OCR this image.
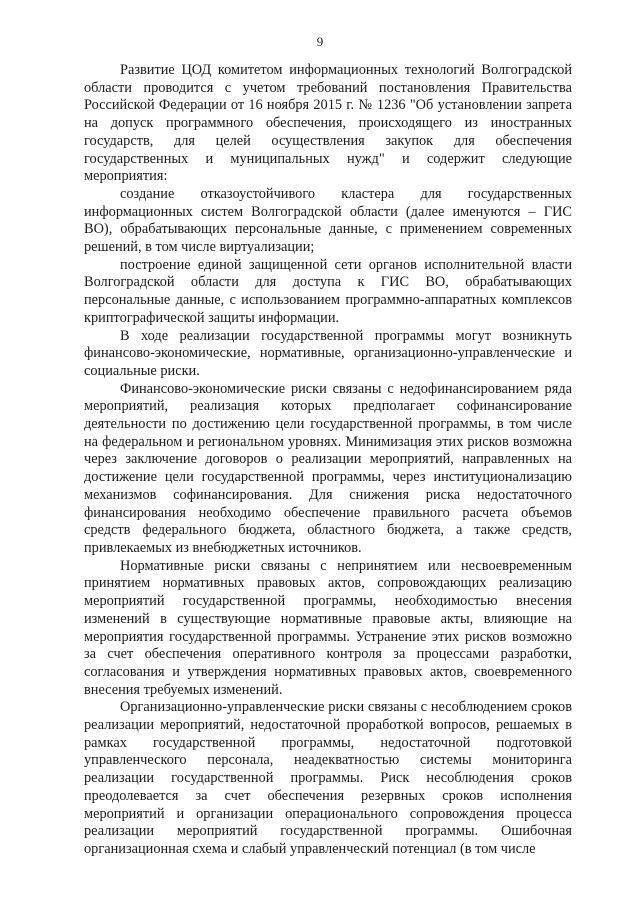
9

Развитие ЦОД комитетом информационных технологий Волгоградской области проводится с учетом требований постановления Правительства Российской Федерации от 16 ноября 2015 г. № 1236 "Об установлении запрета на допуск программного обеспечения, происходящего из иностранных государств, для целей осуществления закупок для обеспечения государственных и муниципальных нужд" и содержит следующие мероприятия:

создание отказоустойчивого кластера для государственных информационных систем Волгоградской области (далее именуются – ГИС ВО), обрабатывающих персональные данные, с применением современных решений, в том числе виртуализации;

построение единой защищенной сети органов исполнительной власти Волгоградской области для доступа к ГИС ВО, обрабатывающих персональные данные, с использованием программно-аппаратных комплексов криптографической защиты информации.

В ходе реализации государственной программы могут возникнуть финансово-экономические, нормативные, организационно-управленческие и социальные риски.

Финансово-экономические риски связаны с недофинансированием ряда мероприятий, реализация которых предполагает софинансирование деятельности по достижению цели государственной программы, в том числе на федеральном и региональном уровнях. Минимизация этих рисков возможна через заключение договоров о реализации мероприятий, направленных на достижение цели государственной программы, через институционализацию механизмов софинансирования. Для снижения риска недостаточного финансирования необходимо обеспечение правильного расчета объемов средств федерального бюджета, областного бюджета, а также средств, привлекаемых из внебюджетных источников.

Нормативные риски связаны с непринятием или несвоевременным принятием нормативных правовых актов, сопровождающих реализацию мероприятий государственной программы, необходимостью внесения изменений в существующие нормативные правовые акты, влияющие на мероприятия государственной программы. Устранение этих рисков возможно за счет обеспечения оперативного контроля за процессами разработки, согласования и утверждения нормативных правовых актов, своевременного внесения требуемых изменений.

Организационно-управленческие риски связаны с несоблюдением сроков реализации мероприятий, недостаточной проработкой вопросов, решаемых в рамках государственной программы, недостаточной подготовкой управленческого персонала, неадекватностью системы мониторинга реализации государственной программы. Риск несоблюдения сроков преодолевается за счет обеспечения резервных сроков исполнения мероприятий и организации операционального сопровождения процесса реализации мероприятий государственной программы. Ошибочная организационная схема и слабый управленческий потенциал (в том числе
